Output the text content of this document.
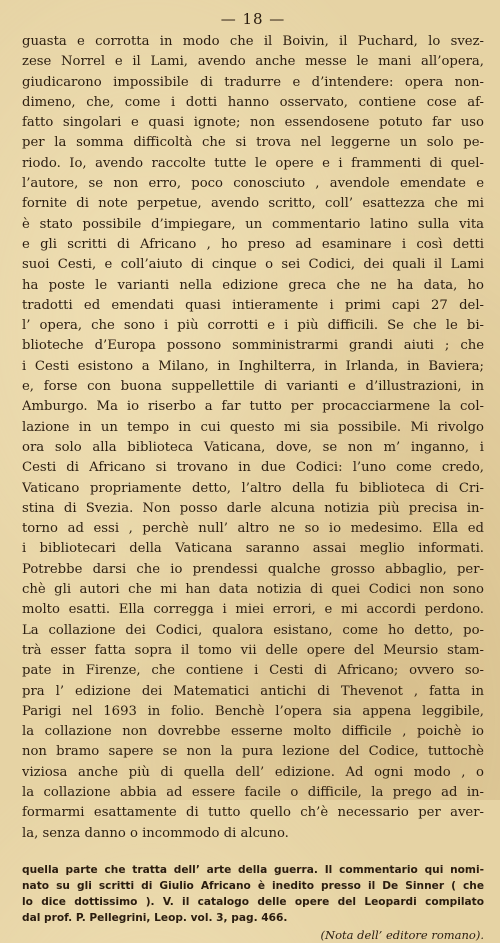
— 18 —
guasta e corrotta in modo che il Boivin, il Puchard, lo svez-
zese Norrel e il Lami, avendo anche messe le mani all’opera,
giudicarono impossibile di tradurre e d’intendere: opera non-
dimeno, che, come i dotti hanno osservato, contiene cose af-
fatto singolari e quasi ignote; non essendosene potuto far uso
per la somma difficoltà che si trova nel leggerne un solo pe-
riodo. Io, avendo raccolte tutte le opere e i frammenti di quel-
l’autore, se non erro, poco conosciuto , avendole emendate e
fornite di note perpetue, avendo scritto, coll’ esattezza che mi
è stato possibile d’impiegare, un commentario latino sulla vita
e gli scritti di Africano , ho preso ad esaminare i così detti
suoi Cesti, e coll’aiuto di cinque o sei Codici, dei quali il Lami
ha poste le varianti nella edizione greca che ne ha data, ho
tradotti ed emendati quasi intieramente i primi capi 27 del-
l’ opera, che sono i più corrotti e i più difficili. Se che le bi-
blioteche d’Europa possono somministrarmi grandi aiuti ; che
i Cesti esistono a Milano, in Inghilterra, in Irlanda, in Baviera;
e, forse con buona suppellettile di varianti e d’illustrazioni, in
Amburgo. Ma io riserbo a far tutto per procacciarmene la col-
lazione in un tempo in cui questo mi sia possibile. Mi rivolgo
ora solo alla biblioteca Vaticana, dove, se non m’ inganno, i
Cesti di Africano si trovano in due Codici: l’uno come credo,
Vaticano propriamente detto, l’altro della fu biblioteca di Cri-
stina di Svezia. Non posso darle alcuna notizia più precisa in-
torno ad essi , perchè null’ altro ne so io medesimo. Ella ed
i bibliotecari della Vaticana saranno assai meglio informati.
Potrebbe darsi che io prendessi qualche grosso abbaglio, per-
chè gli autori che mi han data notizia di quei Codici non sono
molto esatti. Ella corregga i miei errori, e mi accordi perdono.
La collazione dei Codici, qualora esistano, come ho detto, po-
trà esser fatta sopra il tomo vii delle opere del Meursio stam-
pate in Firenze, che contiene i Cesti di Africano; ovvero so-
pra l’ edizione dei Matematici antichi di Thevenot , fatta in
Parigi nel 1693 in folio. Benchè l’opera sia appena leggibile,
la collazione non dovrebbe esserne molto difficile , poichè io
non bramo sapere se non la pura lezione del Codice, tuttochè
viziosa anche più di quella dell’ edizione. Ad ogni modo , o
la collazione abbia ad essere facile o difficile, la prego ad in-
formarmi esattamente di tutto quello ch’è necessario per aver-
la, senza danno o incommodo di alcuno.
quella parte che tratta dell’ arte della guerra. Il commentario qui nomi-
nato su gli scritti di Giulio Africano è inedito presso il De Sinner ( che
lo dice dottissimo ). V. il catalogo delle opere del Leopardi compilato
dal prof. P. Pellegrini, Leop. vol. 3, pag. 466.
(Nota dell’ editore romano).
